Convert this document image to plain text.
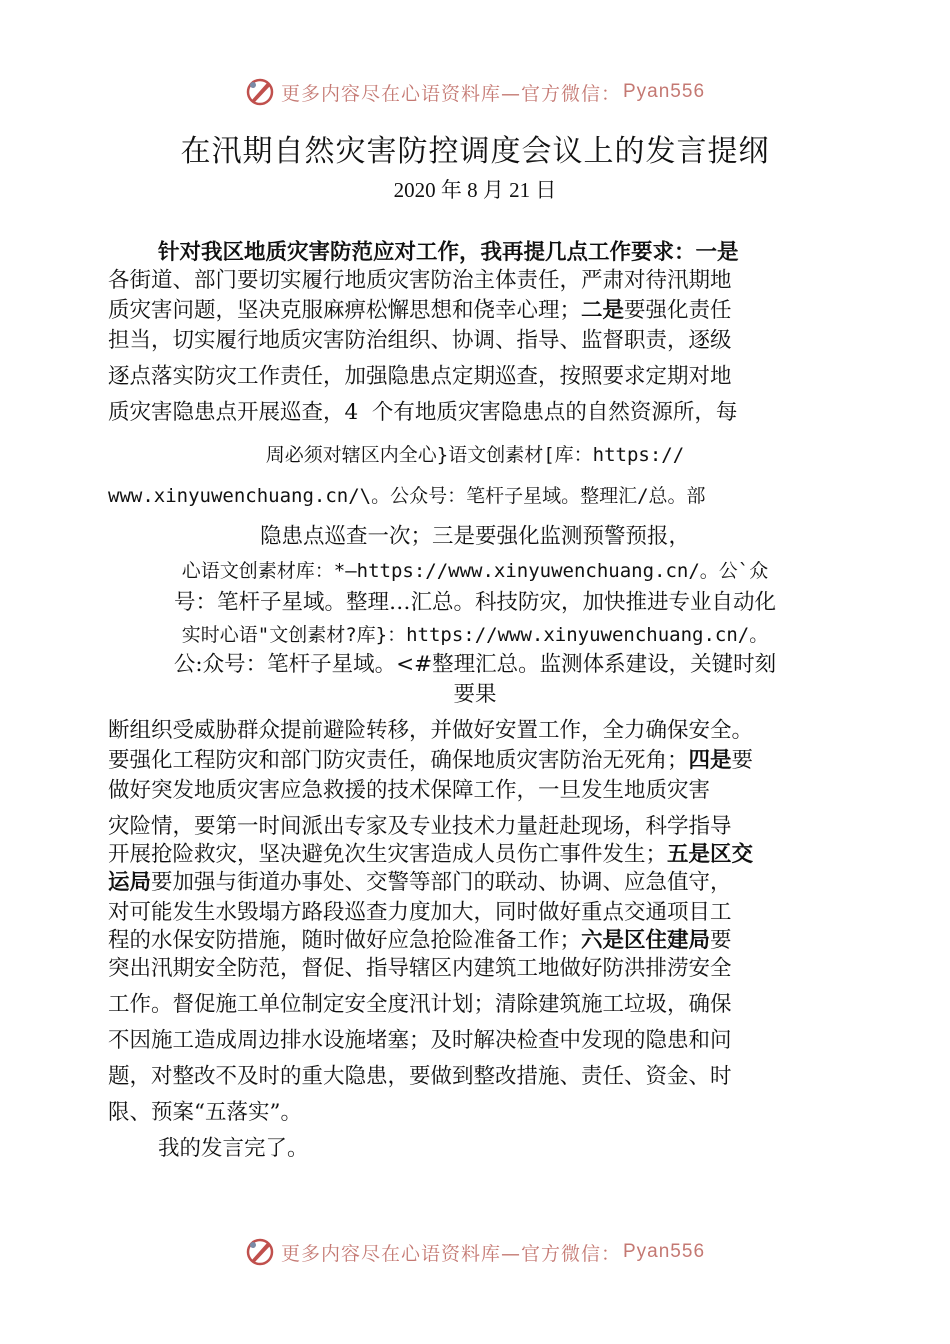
更多内容尽在心语资料库—官方微信： Pyan556
在汛期自然灾害防控调度会议上的发言提纲
2020 年 8 月 21 日
针对我区地质灾害防范应对工作，我再提几点工作要求：一是
各街道、部门要切实履行地质灾害防治主体责任，严肃对待汛期地
质灾害问题，坚决克服麻痹松懈思想和侥幸心理；二是要强化责任
担当，切实履行地质灾害防治组织、协调、指导、监督职责，逐级
逐点落实防灾工作责任，加强隐患点定期巡查，按照要求定期对地
质灾害隐患点开展巡查，4  个有地质灾害隐患点的自然资源所，每
周必须对辖区内全心}语文创素材[库：https://
www.xinyuwenchuang.cn/\。公众号：笔杆子星域。整理汇/总。部
隐患点巡查一次；三是要强化监测预警预报，
心语文创素材库：*—https://www.xinyuwenchuang.cn/。公`众
号：笔杆子星域。整理…汇总。科技防灾，加快推进专业自动化
实时心语"文创素材?库}：https://www.xinyuwenchuang.cn/。
公:众号：笔杆子星域。<#整理汇总。监测体系建设，关键时刻
要果
断组织受威胁群众提前避险转移，并做好安置工作，全力确保安全。
要强化工程防灾和部门防灾责任，确保地质灾害防治无死角；四是要
做好突发地质灾害应急救援的技术保障工作，一旦发生地质灾害
灾险情，要第一时间派出专家及专业技术力量赶赴现场，科学指导
开展抢险救灾，坚决避免次生灾害造成人员伤亡事件发生；五是区交
运局要加强与街道办事处、交警等部门的联动、协调、应急值守，
对可能发生水毁塌方路段巡查力度加大，同时做好重点交通项目工
程的水保安防措施，随时做好应急抢险准备工作；六是区住建局要
突出汛期安全防范，督促、指导辖区内建筑工地做好防洪排涝安全
工作。督促施工单位制定安全度汛计划；清除建筑施工垃圾，确保
不因施工造成周边排水设施堵塞；及时解决检查中发现的隐患和问
题，对整改不及时的重大隐患，要做到整改措施、责任、资金、时
限、预案“五落实”。
我的发言完了。
更多内容尽在心语资料库—官方微信： Pyan556
